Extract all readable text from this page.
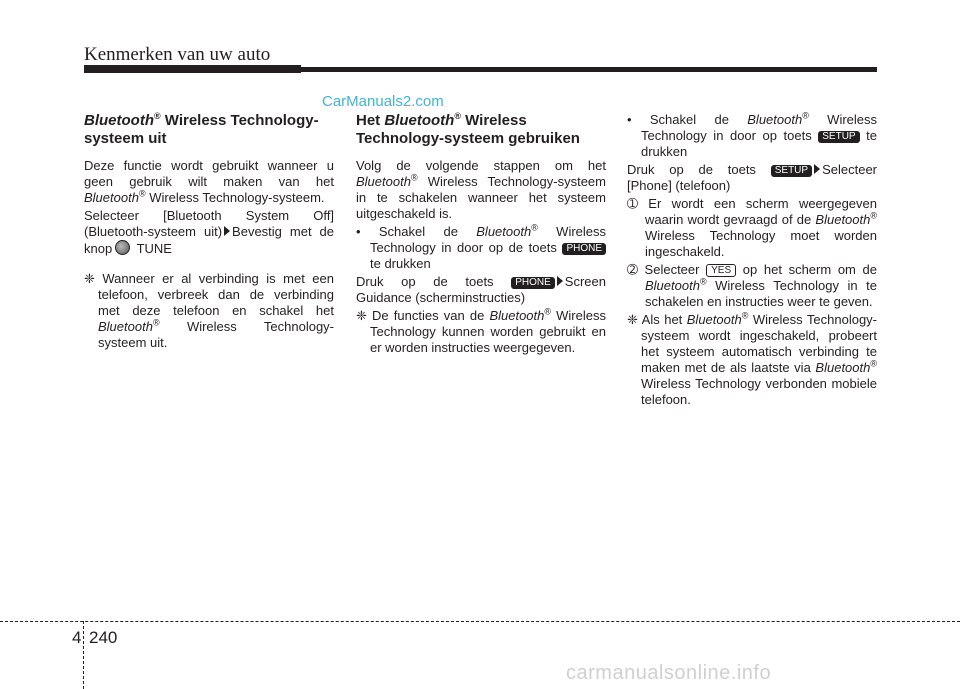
Kenmerken van uw auto
CarManuals2.com
Bluetooth® Wireless Technology-systeem uit
Deze functie wordt gebruikt wanneer u geen gebruik wilt maken van het Bluetooth® Wireless Technology-systeem.
Selecteer [Bluetooth System Off] (Bluetooth-systeem uit) Bevestig met de knop TUNE
❈ Wanneer er al verbinding is met een telefoon, verbreek dan de verbinding met deze telefoon en schakel het Bluetooth® Wireless Technology-systeem uit.
Het Bluetooth® Wireless Technology-systeem gebruiken
Volg de volgende stappen om het Bluetooth® Wireless Technology-systeem in te schakelen wanneer het systeem uitgeschakeld is.
• Schakel de Bluetooth® Wireless Technology in door op de toets PHONE te drukken
Druk op de toets PHONE Screen Guidance (scherminstructies)
❈ De functies van de Bluetooth® Wireless Technology kunnen worden gebruikt en er worden instructies weergegeven.
• Schakel de Bluetooth® Wireless Technology in door op toets SETUP te drukken
Druk op de toets SETUP Selecteer [Phone] (telefoon)
➀ Er wordt een scherm weergegeven waarin wordt gevraagd of de Bluetooth® Wireless Technology moet worden ingeschakeld.
➁ Selecteer YES op het scherm om de Bluetooth® Wireless Technology in te schakelen en instructies weer te geven.
❈ Als het Bluetooth® Wireless Technology-systeem wordt ingeschakeld, probeert het systeem automatisch verbinding te maken met de als laatste via Bluetooth® Wireless Technology verbonden mobiele telefoon.
4 240
carmanualsonline.info
